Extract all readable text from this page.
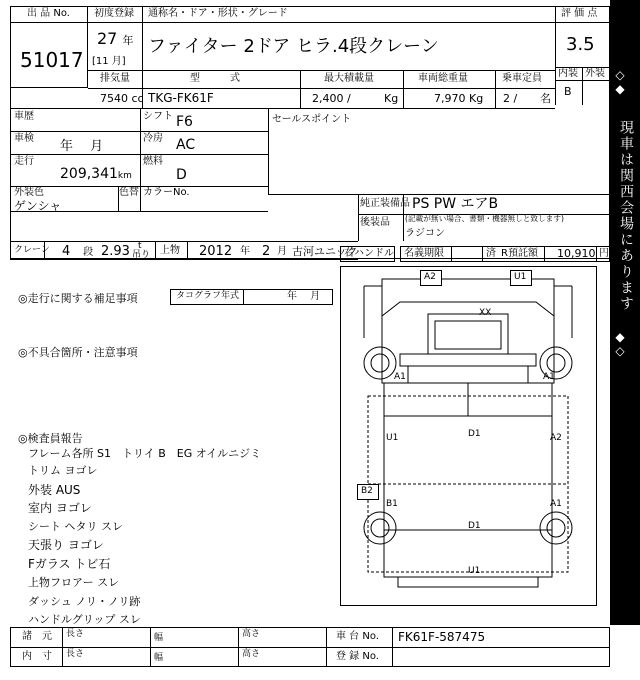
出 品 No.
51017
初度登録 通称名・ドア・形状・グレード
27 年
[11 月]
ファイター 2ドア ヒラ.4段クレーン
評 価 点
3.5
内装 外装
B
排気量	型　　　式	最大積載量	車両総重量	乗車定員
7540 cc TKG-FK61F	2,400 /	Kg	7,970 Kg 2 / 名
車歴	シフト F6
車検
年　 月
冷房 AC
走行
209,341km
燃料
D
外装色
ゲンシャ
色替 カラーNo.
セールスポイント
純正装備品 PS PW エアB
後装品 (記載が無い場合、書類・機器無しと致します)
ラジコン
クレーン 4　 段 2.93 t
吊り 上物 2012 年 2 月 古河ユニック
右ハンドル 名義期限	済 R預託額 10,910 円
◎走行に関する補足事項	タコグラフ年式	年　 月
◎不具合箇所・注意事項
◎検査員報告
フレーム各所 S1　トリイ B　EG オイルニジミ
トリム ヨゴレ
外装 AUS
室内 ヨゴレ
シート ヘタリ スレ
天張り ヨゴレ
Fガラス トビ石
上物フロアー スレ
ダッシュ ノリ・ノリ跡
ハンドルグリップ スレ
A2	U1
B2
XX
A1	A1
U1	D1	A2
B1
D1
A1
U1
◇◆
現車は関西会場にあります
◆◇
諸　元
内　寸
長さ	幅	高さ
長さ	幅	高さ
車 台 No. FK61F-587475
登 録 No.
